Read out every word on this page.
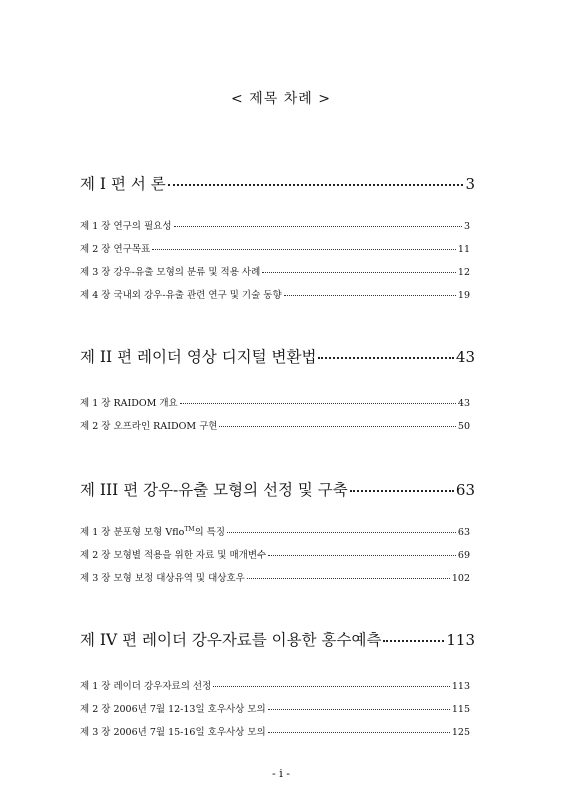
< 제목 차례 >
제 I 편 서 론	3
제 1 장 연구의 필요성	3
제 2 장 연구목표	11
제 3 장 강우-유출 모형의 분류 및 적용 사례	12
제 4 장 국내외 강우-유출 관련 연구 및 기술 동향	19
제 II 편 레이더 영상 디지털 변환법	43
제 1 장 RAIDOM 개요	43
제 2 장 오프라인 RAIDOM 구현	50
제 III 편 강우-유출 모형의 선정 및 구축	63
제 1 장 분포형 모형 Vflo™의 특징	63
제 2 장 모형별 적용을 위한 자료 및 매개변수	69
제 3 장 모형 보정 대상유역 및 대상호우	102
제 IV 편 레이더 강우자료를 이용한 홍수예측	113
제 1 장 레이더 강우자료의 선정	113
제 2 장 2006년 7월 12-13일 호우사상 모의	115
제 3 장 2006년 7월 15-16일 호우사상 모의	125
- i -
